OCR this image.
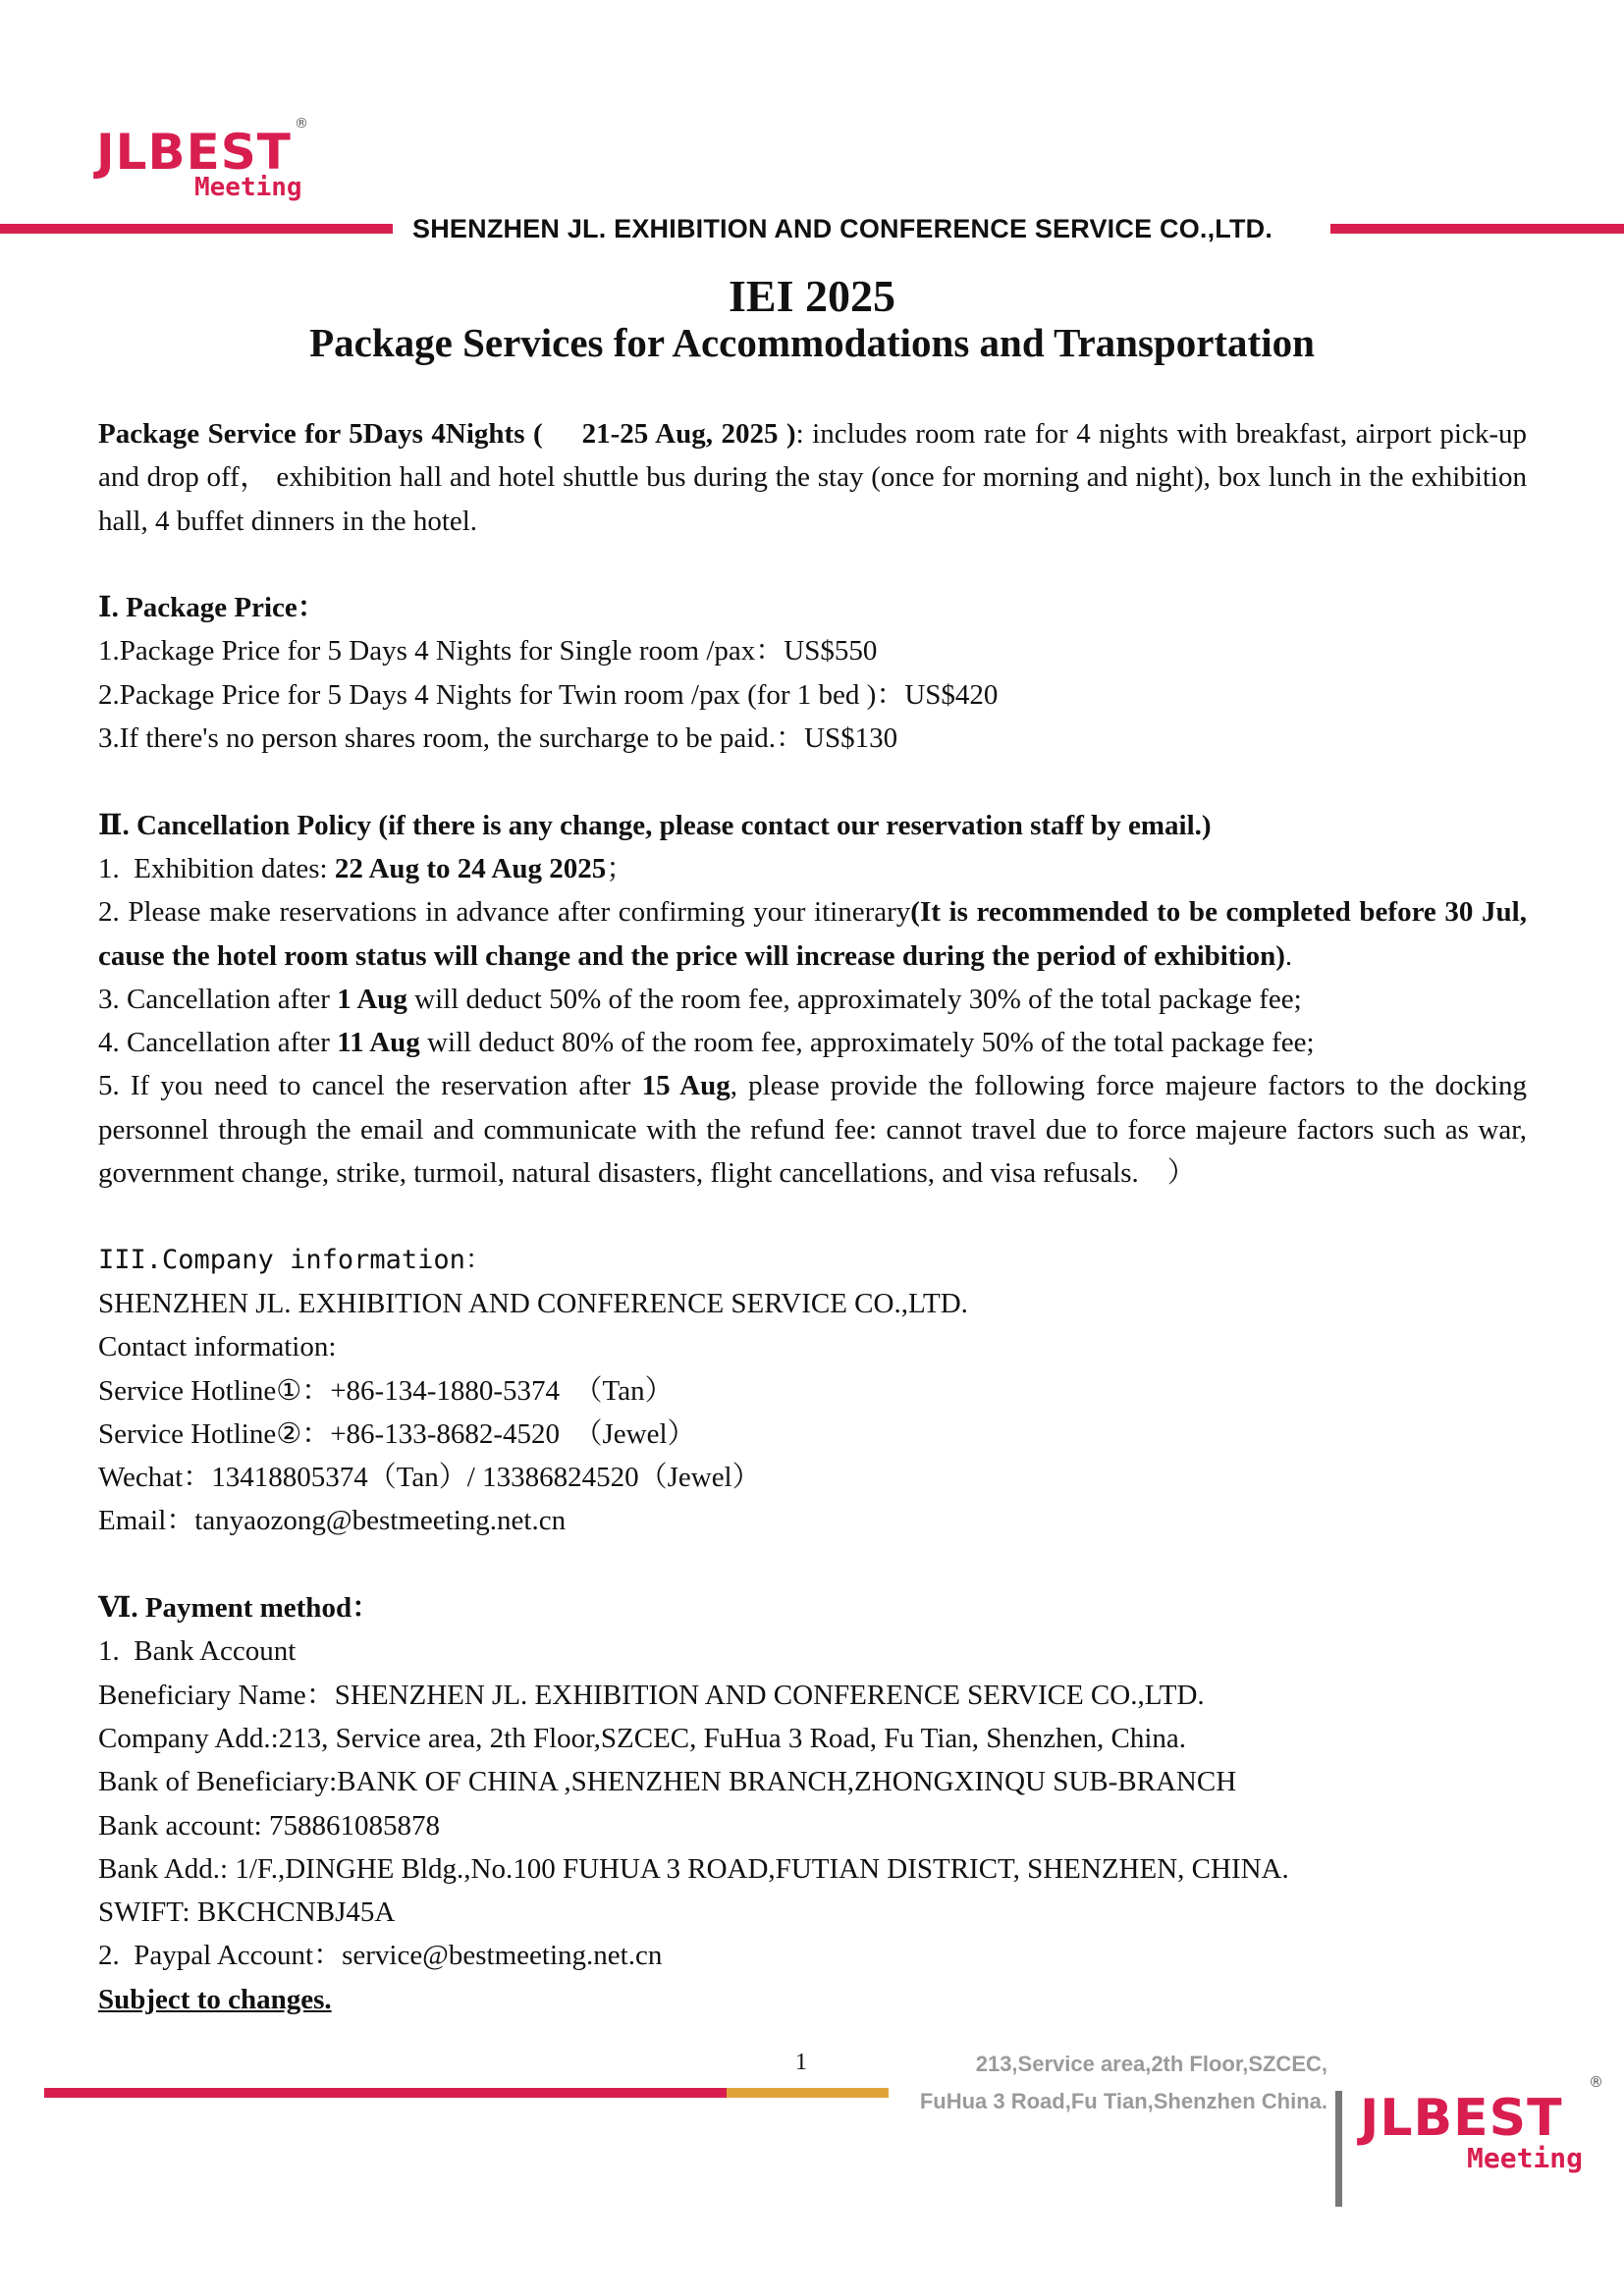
JLBEST
Meeting
®
SHENZHEN JL. EXHIBITION AND CONFERENCE SERVICE CO.,LTD.
IEI 2025
Package Services for Accommodations and Transportation

Package Service for 5Days 4Nights (　 21-25 Aug, 2025 ): includes room rate for 4 nights with breakfast, airport pick-up and drop off， exhibition hall and hotel shuttle bus during the stay (once for morning and night), box lunch in the exhibition hall, 4 buffet dinners in the hotel.

Ⅰ. Package Price：

1.Package Price for 5 Days 4 Nights for Single room /pax：US$550

2.Package Price for 5 Days 4 Nights for Twin room /pax (for 1 bed )：US$420

3.If there's no person shares room, the surcharge to be paid.：US$130

Ⅱ. Cancellation Policy (if there is any change, please contact our reservation staff by email.)

1.  Exhibition dates: 22 Aug to 24 Aug 2025；

2. Please make reservations in advance after confirming your itinerary(It is recommended to be completed before 30 Jul, cause the hotel room status will change and the price will increase during the period of exhibition).

3. Cancellation after 1 Aug will deduct 50% of the room fee, approximately 30% of the total package fee;

4. Cancellation after 11 Aug will deduct 80% of the room fee, approximately 50% of the total package fee;

5. If you need to cancel the reservation after 15 Aug, please provide the following force majeure factors to the docking personnel through the email and communicate with the refund fee: cannot travel due to force majeure factors such as war, government change, strike, turmoil, natural disasters, flight cancellations, and visa refusals.　）

III.Company information：

SHENZHEN JL. EXHIBITION AND CONFERENCE SERVICE CO.,LTD.

Contact information:

Service Hotline①：+86-134-1880-5374　（Tan）

Service Hotline②：+86-133-8682-4520　（Jewel）

Wechat：13418805374（Tan）/ 13386824520（Jewel）

Email：tanyaozong@bestmeeting.net.cn

Ⅵ. Payment method：

1.  Bank Account

Beneficiary Name：SHENZHEN JL. EXHIBITION AND CONFERENCE SERVICE CO.,LTD.

Company Add.:213, Service area, 2th Floor,SZCEC, FuHua 3 Road, Fu Tian, Shenzhen, China.

Bank of Beneficiary:BANK OF CHINA ,SHENZHEN BRANCH,ZHONGXINQU SUB-BRANCH

Bank account: 758861085878

Bank Add.: 1/F.,DINGHE Bldg.,No.100 FUHUA 3 ROAD,FUTIAN DISTRICT, SHENZHEN, CHINA.

SWIFT: BKCHCNBJ45A

2.  Paypal Account：service@bestmeeting.net.cn

Subject to changes.

1	213,Service area,2th Floor,SZCEC,
FuHua 3 Road,Fu Tian,Shenzhen China. JLBEST
Meeting
®
